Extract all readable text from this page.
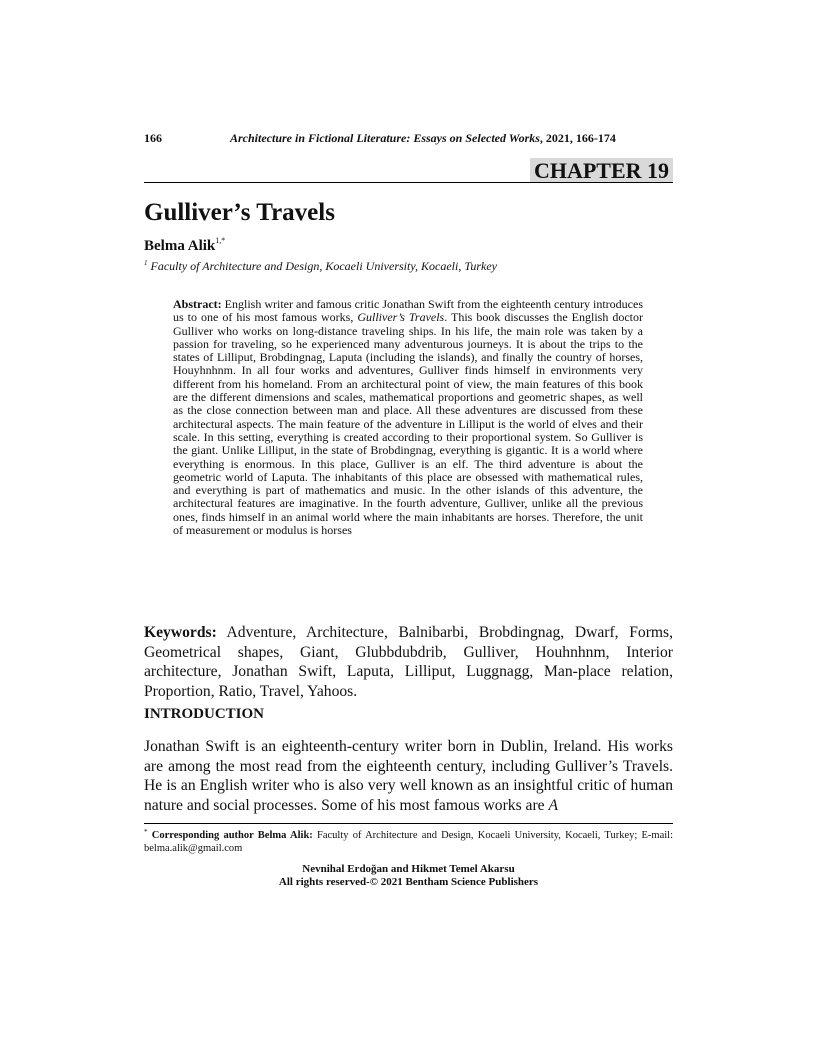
166	Architecture in Fictional Literature: Essays on Selected Works, 2021, 166-174
CHAPTER 19
Gulliver’s Travels
Belma Alik$^{1,*}$
$^1$ Faculty of Architecture and Design, Kocaeli University, Kocaeli, Turkey
Abstract: English writer and famous critic Jonathan Swift from the eighteenth century introduces us to one of his most famous works, Gulliver’s Travels. This book discusses the English doctor Gulliver who works on long-distance traveling ships. In his life, the main role was taken by a passion for traveling, so he experienced many adventurous journeys. It is about the trips to the states of Lilliput, Brobdingnag, Laputa (including the islands), and finally the country of horses, Houyhnhnm. In all four works and adventures, Gulliver finds himself in environments very different from his homeland. From an architectural point of view, the main features of this book are the different dimensions and scales, mathematical proportions and geometric shapes, as well as the close connection between man and place. All these adventures are discussed from these architectural aspects. The main feature of the adventure in Lilliput is the world of elves and their scale. In this setting, everything is created according to their proportional system. So Gulliver is the giant. Unlike Lilliput, in the state of Brobdingnag, everything is gigantic. It is a world where everything is enormous. In this place, Gulliver is an elf. The third adventure is about the geometric world of Laputa. The inhabitants of this place are obsessed with mathematical rules, and everything is part of mathematics and music. In the other islands of this adventure, the architectural features are imaginative. In the fourth adventure, Gulliver, unlike all the previous ones, finds himself in an animal world where the main inhabitants are horses. Therefore, the unit of measurement or modulus is horses
Keywords: Adventure, Architecture, Balnibarbi, Brobdingnag, Dwarf, Forms, Geometrical shapes, Giant, Glubbdubdrib, Gulliver, Houhnhnm, Interior architecture, Jonathan Swift, Laputa, Lilliput, Luggnagg, Man-place relation, Proportion, Ratio, Travel, Yahoos.
INTRODUCTION
Jonathan Swift is an eighteenth-century writer born in Dublin, Ireland. His works are among the most read from the eighteenth century, including Gulliver’s Travels. He is an English writer who is also very well known as an insightful critic of human nature and social processes. Some of his most famous works are A
* Corresponding author Belma Alik: Faculty of Architecture and Design, Kocaeli University, Kocaeli, Turkey; E-mail: belma.alik@gmail.com
Nevnihal Erdoğan and Hikmet Temel Akarsu
All rights reserved-© 2021 Bentham Science Publishers
